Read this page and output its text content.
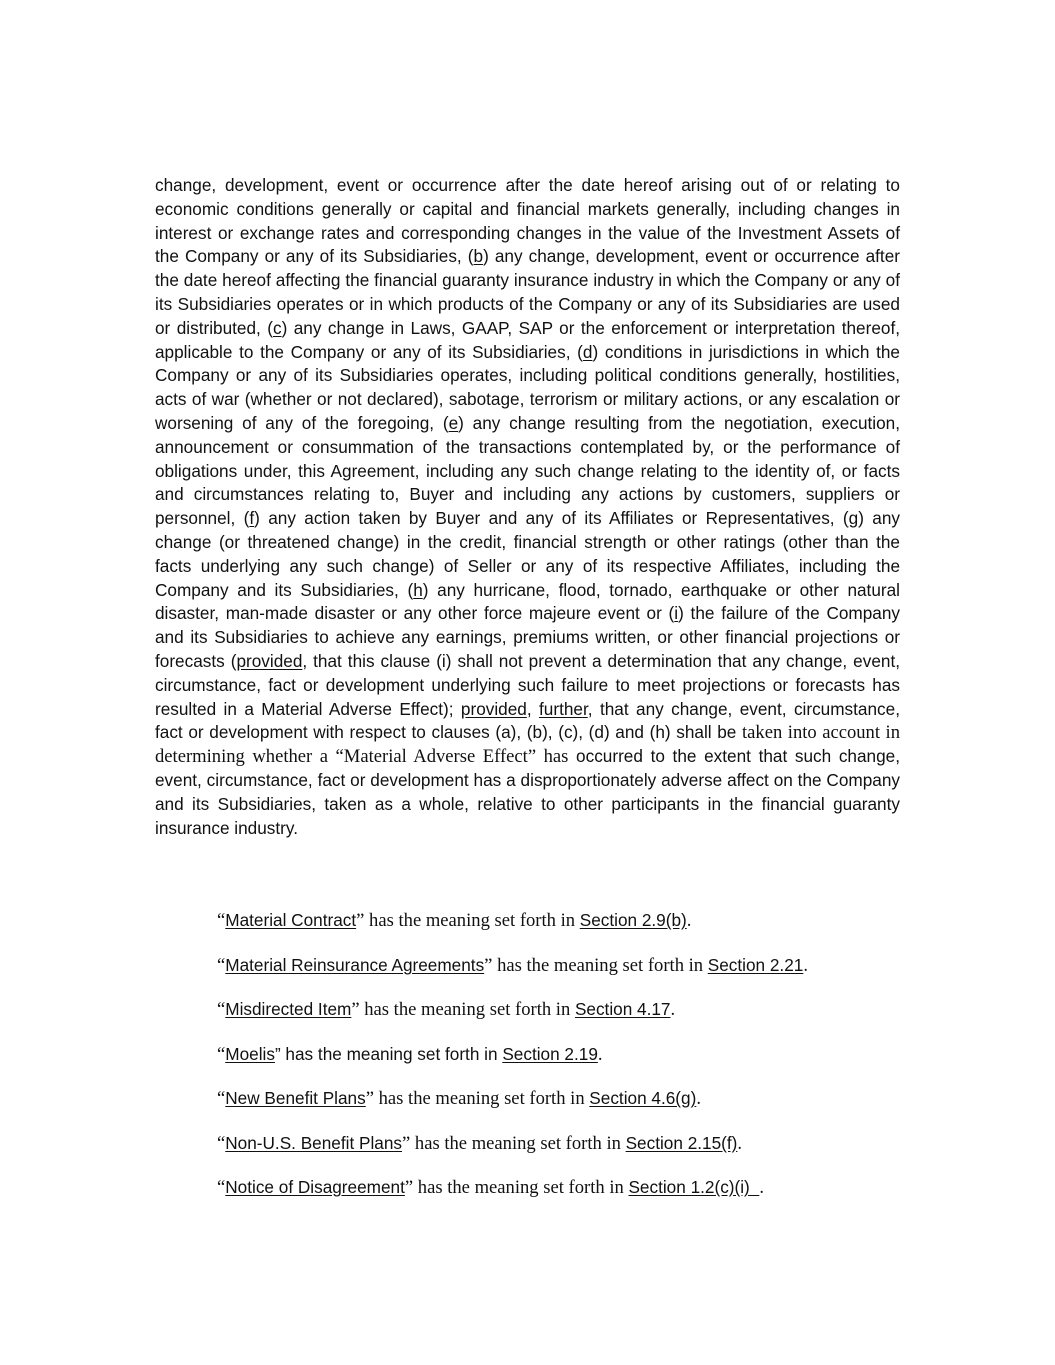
change, development, event or occurrence after the date hereof arising out of or relating to economic conditions generally or capital and financial markets generally, including changes in interest or exchange rates and corresponding changes in the value of the Investment Assets of the Company or any of its Subsidiaries, (b) any change, development, event or occurrence after the date hereof affecting the financial guaranty insurance industry in which the Company or any of its Subsidiaries operates or in which products of the Company or any of its Subsidiaries are used or distributed, (c) any change in Laws, GAAP, SAP or the enforcement or interpretation thereof, applicable to the Company or any of its Subsidiaries, (d) conditions in jurisdictions in which the Company or any of its Subsidiaries operates, including political conditions generally, hostilities, acts of war (whether or not declared), sabotage, terrorism or military actions, or any escalation or worsening of any of the foregoing, (e) any change resulting from the negotiation, execution, announcement or consummation of the transactions contemplated by, or the performance of obligations under, this Agreement, including any such change relating to the identity of, or facts and circumstances relating to, Buyer and including any actions by customers, suppliers or personnel, (f) any action taken by Buyer and any of its Affiliates or Representatives, (g) any change (or threatened change) in the credit, financial strength or other ratings (other than the facts underlying any such change) of Seller or any of its respective Affiliates, including the Company and its Subsidiaries, (h) any hurricane, flood, tornado, earthquake or other natural disaster, man-made disaster or any other force majeure event or (i) the failure of the Company and its Subsidiaries to achieve any earnings, premiums written, or other financial projections or forecasts (provided, that this clause (i) shall not prevent a determination that any change, event, circumstance, fact or development underlying such failure to meet projections or forecasts has resulted in a Material Adverse Effect); provided, further, that any change, event, circumstance, fact or development with respect to clauses (a), (b), (c), (d) and (h) shall be taken into account in determining whether a “Material Adverse Effect” has occurred to the extent that such change, event, circumstance, fact or development has a disproportionately adverse affect on the Company and its Subsidiaries, taken as a whole, relative to other participants in the financial guaranty insurance industry.

“Material Contract” has the meaning set forth in Section 2.9(b).

“Material Reinsurance Agreements” has the meaning set forth in Section 2.21.

“Misdirected Item” has the meaning set forth in Section 4.17.

“Moelis” has the meaning set forth in Section 2.19.

“New Benefit Plans” has the meaning set forth in Section 4.6(g).

“Non-U.S. Benefit Plans” has the meaning set forth in Section 2.15(f).

“Notice of Disagreement” has the meaning set forth in Section 1.2(c)(i)  .
